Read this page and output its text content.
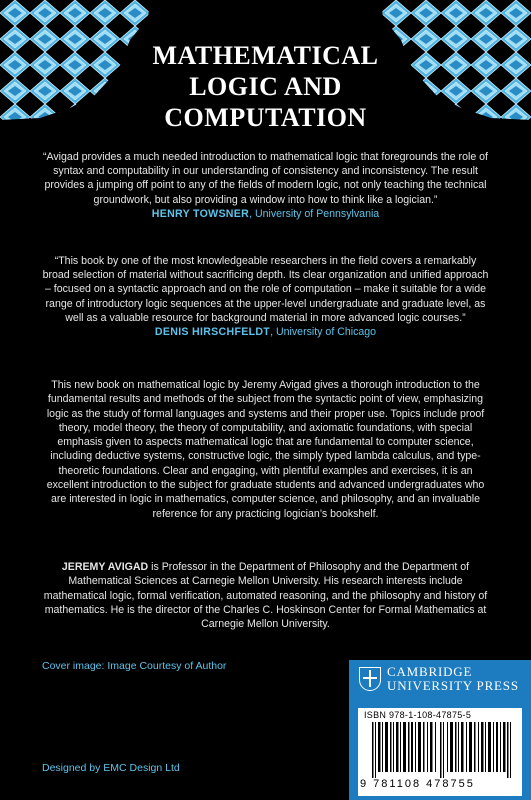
MATHEMATICAL
LOGIC AND
COMPUTATION

“Avigad provides a much needed introduction to mathematical logic that foregrounds the role of syntax and computability in our understanding of consistency and inconsistency. The result provides a jumping off point to any of the fields of modern logic, not only teaching the technical groundwork, but also providing a window into how to think like a logician.”
HENRY TOWSNER, University of Pennsylvania

“This book by one of the most knowledgeable researchers in the field covers a remarkably broad selection of material without sacrificing depth. Its clear organization and unified approach – focused on a syntactic approach and on the role of computation – make it suitable for a wide range of introductory logic sequences at the upper-level undergraduate and graduate level, as well as a valuable resource for background material in more advanced logic courses.”
DENIS HIRSCHFELDT, University of Chicago

This new book on mathematical logic by Jeremy Avigad gives a thorough introduction to the fundamental results and methods of the subject from the syntactic point of view, emphasizing logic as the study of formal languages and systems and their proper use. Topics include proof theory, model theory, the theory of computability, and axiomatic foundations, with special emphasis given to aspects mathematical logic that are fundamental to computer science, including deductive systems, constructive logic, the simply typed lambda calculus, and type-theoretic foundations. Clear and engaging, with plentiful examples and exercises, it is an excellent introduction to the subject for graduate students and advanced undergraduates who are interested in logic in mathematics, computer science, and philosophy, and an invaluable reference for any practicing logician’s bookshelf.

JEREMY AVIGAD is Professor in the Department of Philosophy and the Department of Mathematical Sciences at Carnegie Mellon University. His research interests include mathematical logic, formal verification, automated reasoning, and the philosophy and history of mathematics. He is the director of the Charles C. Hoskinson Center for Formal Mathematics at Carnegie Mellon University.

Cover image: Image Courtesy of Author

Designed by EMC Design Ltd

CAMBRIDGE
UNIVERSITY PRESS
ISBN 978-1-108-47875-5
9 781108 478755
